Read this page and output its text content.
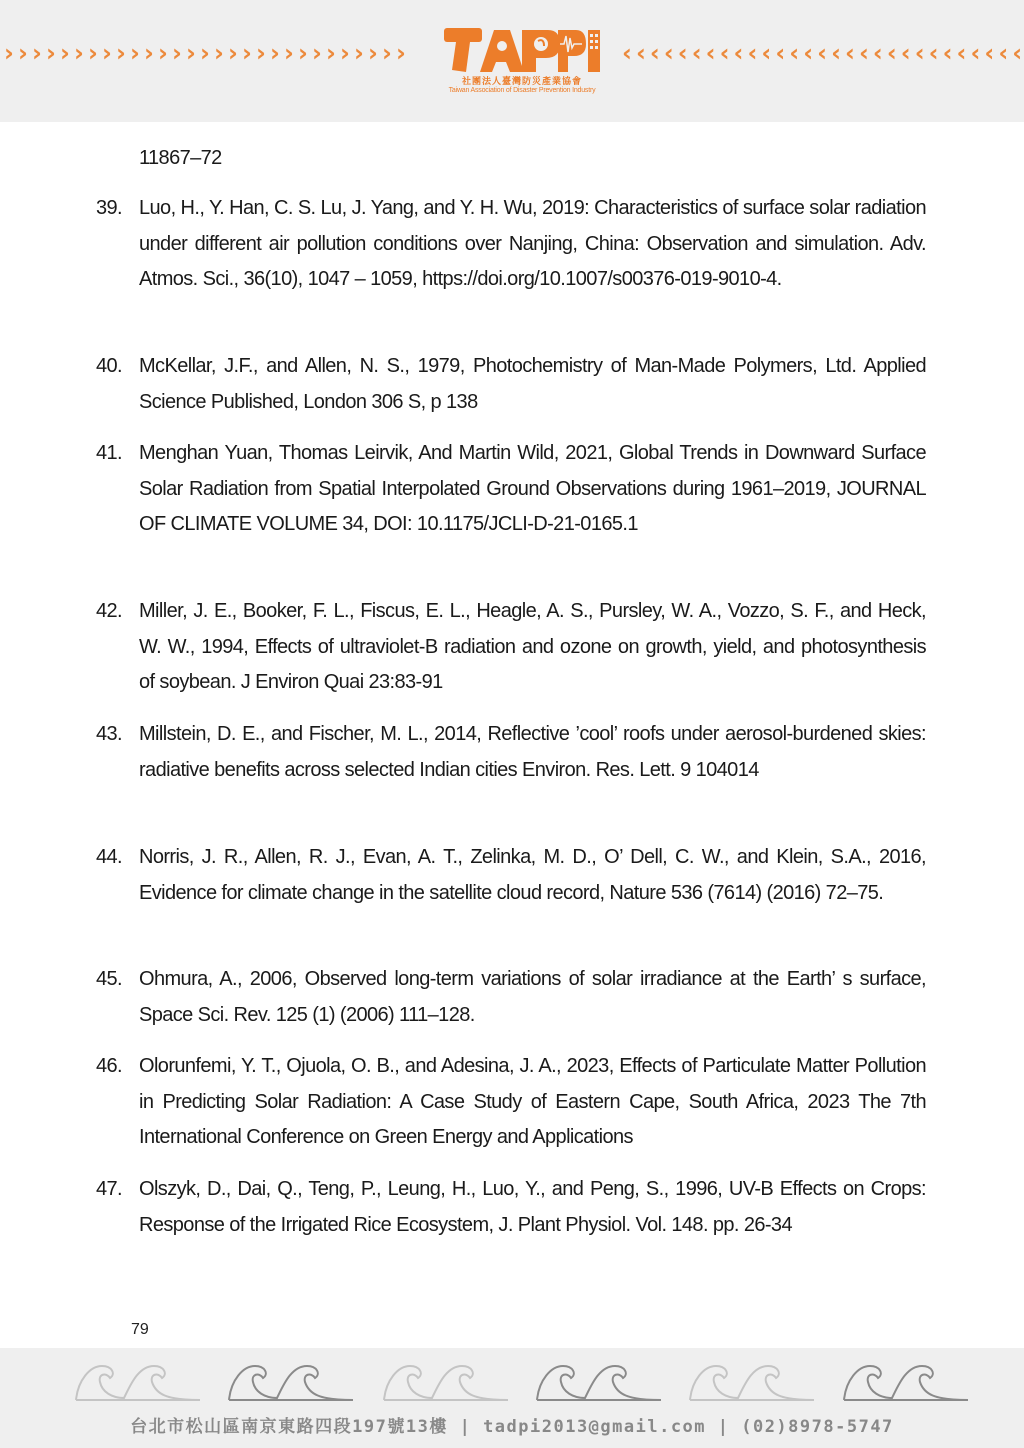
› › › › › › › › › › › › › › › › › › › › › › › › › › › › ›
社團法人臺灣防災產業協會
Taiwan Association of Disaster Prevention Industry
‹ ‹ ‹ ‹ ‹ ‹ ‹ ‹ ‹ ‹ ‹ ‹ ‹ ‹ ‹ ‹ ‹ ‹ ‹ ‹ ‹ ‹ ‹ ‹ ‹ ‹ ‹ ‹ ‹
11867–72
39. Luo, H., Y. Han, C. S. Lu, J. Yang, and Y. H. Wu, 2019: Characteristics of surface solar radiation under different air pollution conditions over Nanjing, China: Observation and simulation. Adv. Atmos. Sci., 36(10), 1047 – 1059, https://doi.org/10.1007/s00376-019-9010-4.
40. McKellar, J.F., and Allen, N. S., 1979, Photochemistry of Man-Made Polymers, Ltd. Applied Science Published, London 306 S, p 138
41. Menghan Yuan, Thomas Leirvik, And Martin Wild, 2021, Global Trends in Downward Surface Solar Radiation from Spatial Interpolated Ground Observations during 1961–2019, JOURNAL OF CLIMATE VOLUME 34, DOI: 10.1175/JCLI-D-21-0165.1
42. Miller, J. E., Booker, F. L., Fiscus, E. L., Heagle, A. S., Pursley, W. A., Vozzo, S. F., and Heck, W. W., 1994, Effects of ultraviolet-B radiation and ozone on growth, yield, and photosynthesis of soybean. J Environ Quai 23:83-91
43. Millstein, D. E., and Fischer, M. L., 2014, Reflective ’cool’ roofs under aerosol-burdened skies: radiative benefits across selected Indian cities Environ. Res. Lett. 9 104014
44. Norris, J. R., Allen, R. J., Evan, A. T., Zelinka, M. D., O’ Dell, C. W., and Klein, S.A., 2016, Evidence for climate change in the satellite cloud record, Nature 536 (7614) (2016) 72–75.
45. Ohmura, A., 2006, Observed long-term variations of solar irradiance at the Earth’ s surface, Space Sci. Rev. 125 (1) (2006) 111–128.
46. Olorunfemi, Y. T., Ojuola, O. B., and Adesina, J. A., 2023, Effects of Particulate Matter Pollution in Predicting Solar Radiation: A Case Study of Eastern Cape, South Africa, 2023 The 7th International Conference on Green Energy and Applications
47. Olszyk, D., Dai, Q., Teng, P., Leung, H., Luo, Y., and Peng, S., 1996, UV-B Effects on Crops: Response of the Irrigated Rice Ecosystem, J. Plant Physiol. Vol. 148. pp. 26-34
79
台北市松山區南京東路四段197號13樓 | tadpi2013@gmail.com | (02)8978-5747
